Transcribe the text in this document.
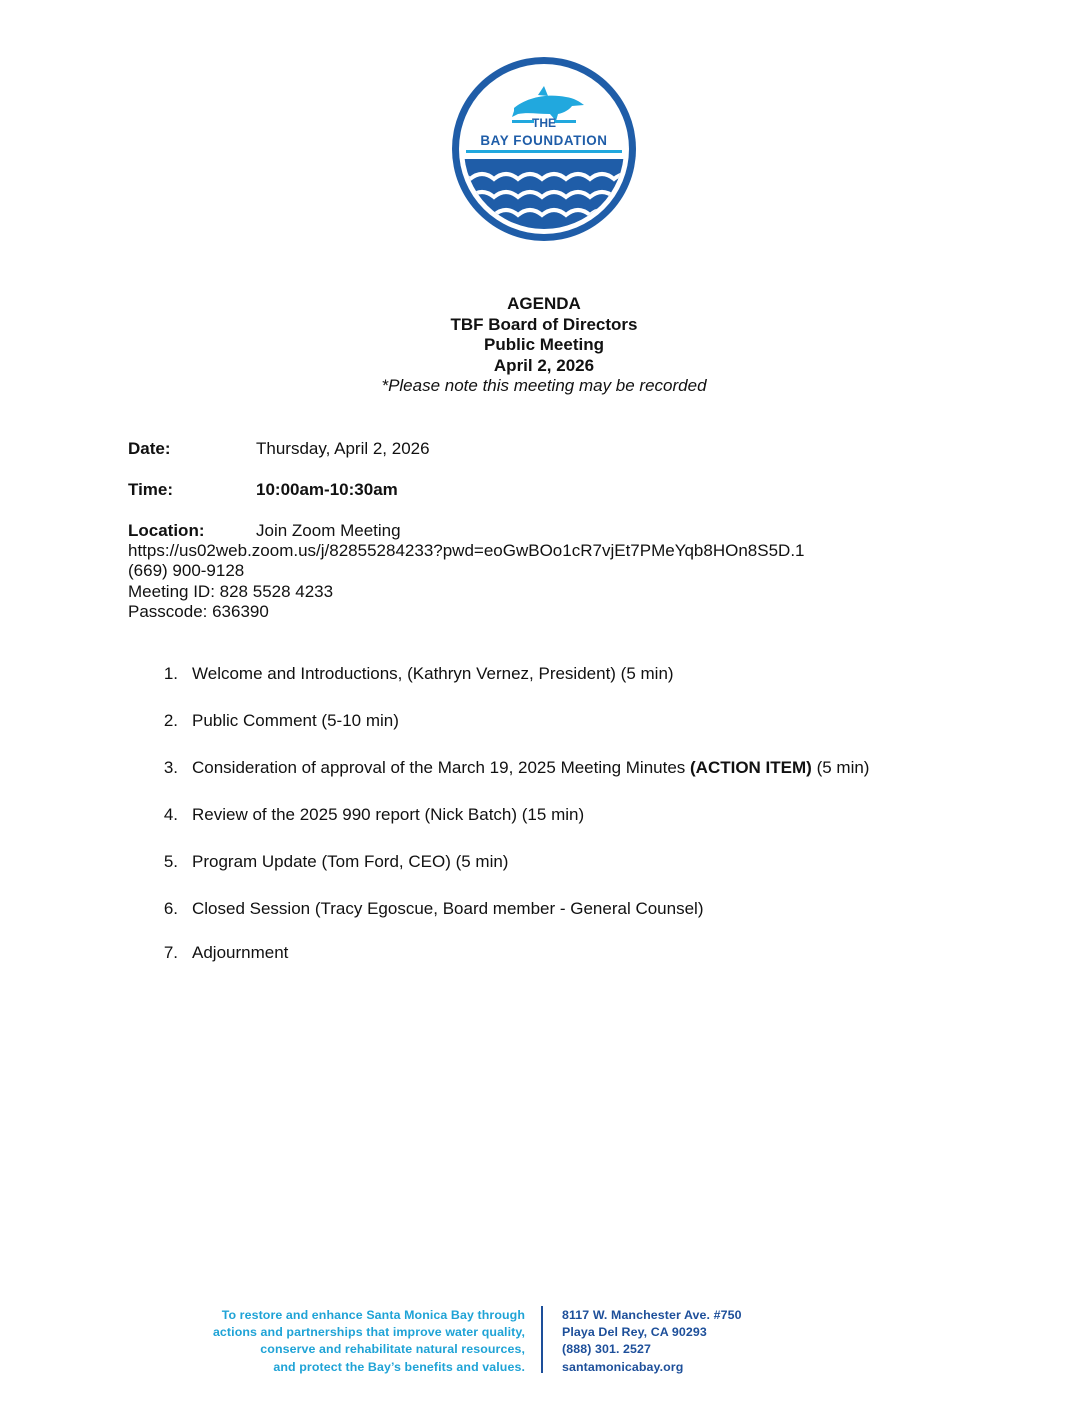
THE
BAY FOUNDATION
AGENDA
TBF Board of Directors
Public Meeting
April 2, 2026
*Please note this meeting may be recorded
Date:	Thursday, April 2, 2026
Time:	10:00am-10:30am
Location:	Join Zoom Meeting
https://us02web.zoom.us/j/82855284233?pwd=eoGwBOo1cR7vjEt7PMeYqb8HOn8S5D.1
(669) 900-9128
Meeting ID: 828 5528 4233
Passcode: 636390
1. Welcome and Introductions, (Kathryn Vernez, President) (5 min)
2. Public Comment (5-10 min)
3. Consideration of approval of the March 19, 2025 Meeting Minutes (ACTION ITEM) (5 min)
4. Review of the 2025 990 report (Nick Batch) (15 min)
5. Program Update (Tom Ford, CEO) (5 min)
6. Closed Session (Tracy Egoscue, Board member - General Counsel)
7. Adjournment
To restore and enhance Santa Monica Bay through
actions and partnerships that improve water quality,
conserve and rehabilitate natural resources,
and protect the Bay’s benefits and values.
8117 W. Manchester Ave. #750
Playa Del Rey, CA 90293
(888) 301. 2527
santamonicabay.org
